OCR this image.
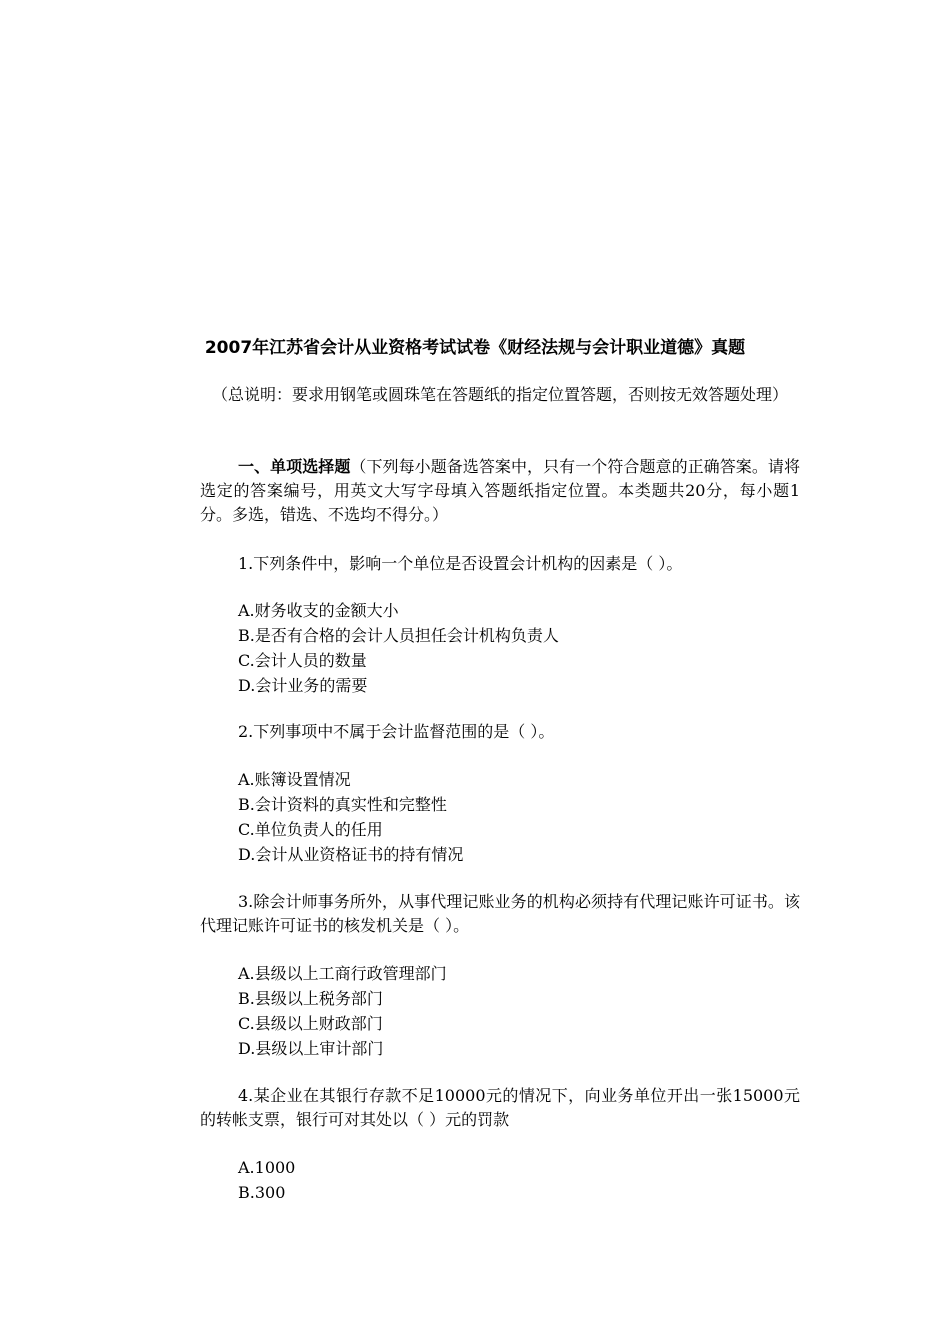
2007年江苏省会计从业资格考试试卷《财经法规与会计职业道德》真题
（总说明：要求用钢笔或圆珠笔在答题纸的指定位置答题，否则按无效答题处理）
一、单项选择题（下列每小题备选答案中，只有一个符合题意的正确答案。请将选定的答案编号，用英文大写字母填入答题纸指定位置。本类题共20分，每小题1分。多选，错选、不选均不得分。）
1.下列条件中，影响一个单位是否设置会计机构的因素是（ ）。
A.财务收支的金额大小
B.是否有合格的会计人员担任会计机构负责人
C.会计人员的数量
D.会计业务的需要
2.下列事项中不属于会计监督范围的是（ ）。
A.账簿设置情况
B.会计资料的真实性和完整性
C.单位负责人的任用
D.会计从业资格证书的持有情况
3.除会计师事务所外，从事代理记账业务的机构必须持有代理记账许可证书。该代理记账许可证书的核发机关是（ ）。
A.县级以上工商行政管理部门
B.县级以上税务部门
C.县级以上财政部门
D.县级以上审计部门
4.某企业在其银行存款不足10000元的情况下，向业务单位开出一张15000元的转帐支票，银行可对其处以（ ）元的罚款
A.1000
B.300
